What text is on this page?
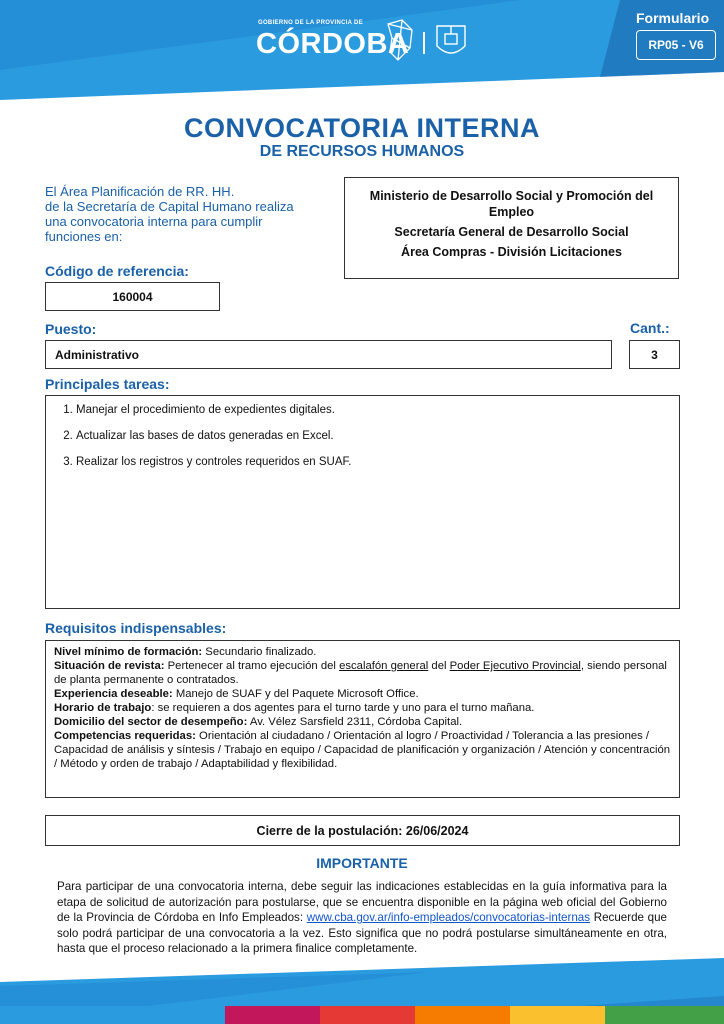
GOBIERNO DE LA PROVINCIA DE
CÓRDOBA
Formulario
RP05 - V6
CONVOCATORIA INTERNA
DE RECURSOS HUMANOS
El Área Planificación de RR. HH.
de la Secretaría de Capital Humano realiza
una convocatoria interna para cumplir
funciones en:
Ministerio de Desarrollo Social y Promoción del Empleo
Secretaría General de Desarrollo Social
Área Compras - División Licitaciones
Código de referencia:
160004
Puesto:	Cant.:
Administrativo	3
Principales tareas:
1. Manejar el procedimiento de expedientes digitales.
2. Actualizar las bases de datos generadas en Excel.
3. Realizar los registros y controles requeridos en SUAF.
Requisitos indispensables:
Nivel mínimo de formación: Secundario finalizado.
Situación de revista: Pertenecer al tramo ejecución del escalafón general del Poder Ejecutivo Provincial, siendo personal de planta permanente o contratados.
Experiencia deseable: Manejo de SUAF y del Paquete Microsoft Office.
Horario de trabajo: se requieren a dos agentes para el turno tarde y uno para el turno mañana.
Domicilio del sector de desempeño: Av. Vélez Sarsfield 2311, Córdoba Capital.
Competencias requeridas: Orientación al ciudadano / Orientación al logro / Proactividad / Tolerancia a las presiones / Capacidad de análisis y síntesis / Trabajo en equipo / Capacidad de planificación y organización / Atención y concentración / Método y orden de trabajo / Adaptabilidad y flexibilidad.
Cierre de la postulación: 26/06/2024
IMPORTANTE
Para participar de una convocatoria interna, debe seguir las indicaciones establecidas en la guía informativa para la etapa de solicitud de autorización para postularse, que se encuentra disponible en la página web oficial del Gobierno de la Provincia de Córdoba en Info Empleados: www.cba.gov.ar/info-empleados/convocatorias-internas Recuerde que solo podrá participar de una convocatoria a la vez. Esto significa que no podrá postularse simultáneamente en otra, hasta que el proceso relacionado a la primera finalice completamente.
